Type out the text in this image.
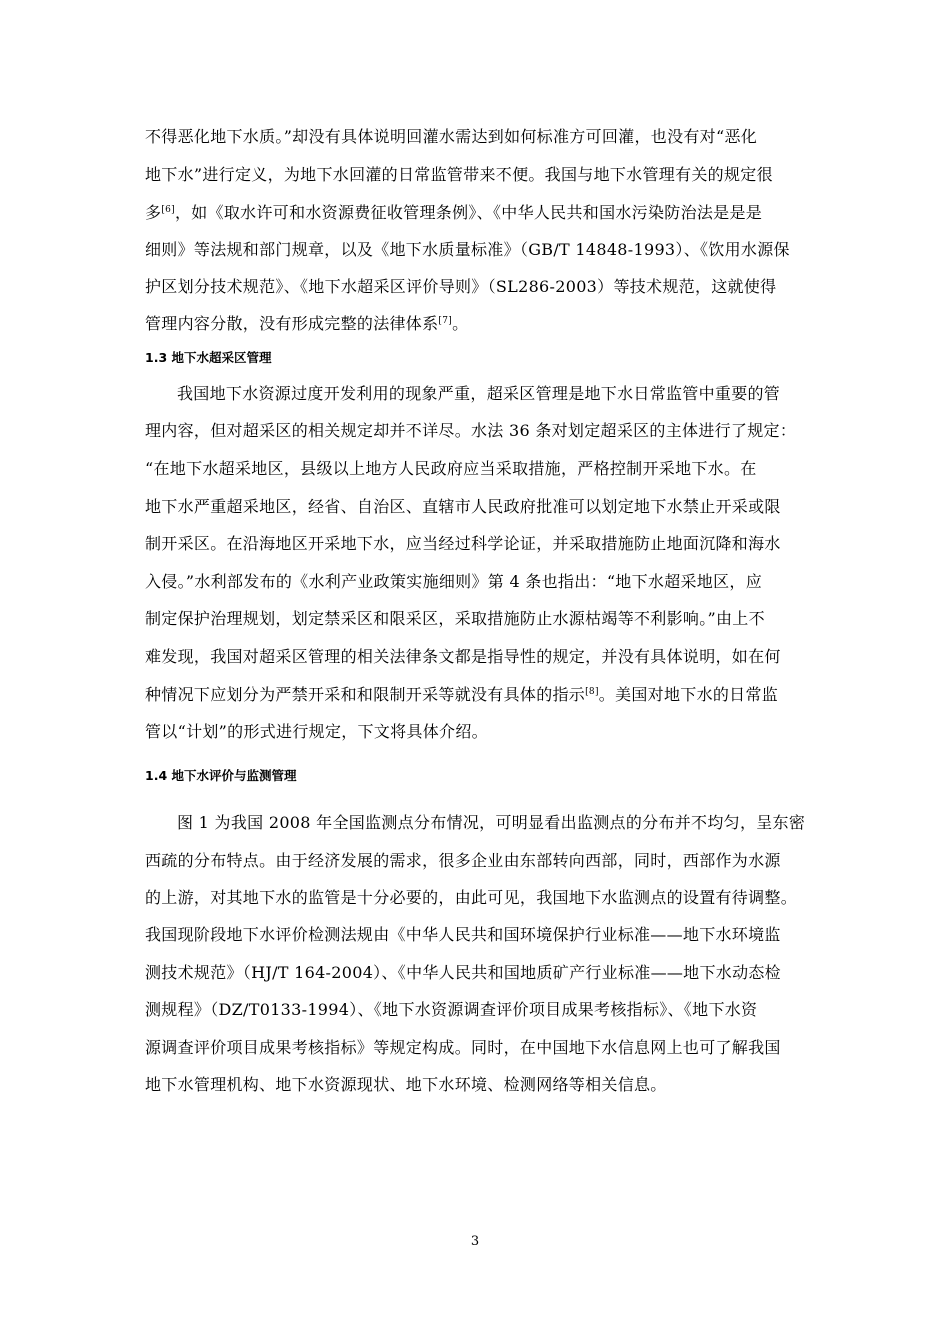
不得恶化地下水质。”却没有具体说明回灌水需达到如何标准方可回灌，也没有对“恶化
地下水”进行定义，为地下水回灌的日常监管带来不便。我国与地下水管理有关的规定很
多[6]，如《取水许可和水资源费征收管理条例》、《中华人民共和国水污染防治法是是是
细则》等法规和部门规章，以及《地下水质量标准》（GB/T 14848-1993）、《饮用水源保
护区划分技术规范》、《地下水超采区评价导则》（SL286-2003）等技术规范，这就使得
管理内容分散，没有形成完整的法律体系[7]。
1.3 地下水超采区管理
我国地下水资源过度开发利用的现象严重，超采区管理是地下水日常监管中重要的管
理内容，但对超采区的相关规定却并不详尽。水法 36 条对划定超采区的主体进行了规定：
“在地下水超采地区，县级以上地方人民政府应当采取措施，严格控制开采地下水。在
地下水严重超采地区，经省、自治区、直辖市人民政府批准可以划定地下水禁止开采或限
制开采区。在沿海地区开采地下水，应当经过科学论证，并采取措施防止地面沉降和海水
入侵。”水利部发布的《水利产业政策实施细则》第 4 条也指出：“地下水超采地区，应
制定保护治理规划，划定禁采区和限采区，采取措施防止水源枯竭等不利影响。”由上不
难发现，我国对超采区管理的相关法律条文都是指导性的规定，并没有具体说明，如在何
种情况下应划分为严禁开采和和限制开采等就没有具体的指示[8]。美国对地下水的日常监
管以“计划”的形式进行规定，下文将具体介绍。
1.4 地下水评价与监测管理
图 1 为我国 2008 年全国监测点分布情况，可明显看出监测点的分布并不均匀，呈东密
西疏的分布特点。由于经济发展的需求，很多企业由东部转向西部，同时，西部作为水源
的上游，对其地下水的监管是十分必要的，由此可见，我国地下水监测点的设置有待调整。
我国现阶段地下水评价检测法规由《中华人民共和国环境保护行业标准——地下水环境监
测技术规范》（HJ/T 164-2004）、《中华人民共和国地质矿产行业标准——地下水动态检
测规程》（DZ/T0133-1994）、《地下水资源调查评价项目成果考核指标》、《地下水资
源调查评价项目成果考核指标》等规定构成。同时，在中国地下水信息网上也可了解我国
地下水管理机构、地下水资源现状、地下水环境、检测网络等相关信息。
3
